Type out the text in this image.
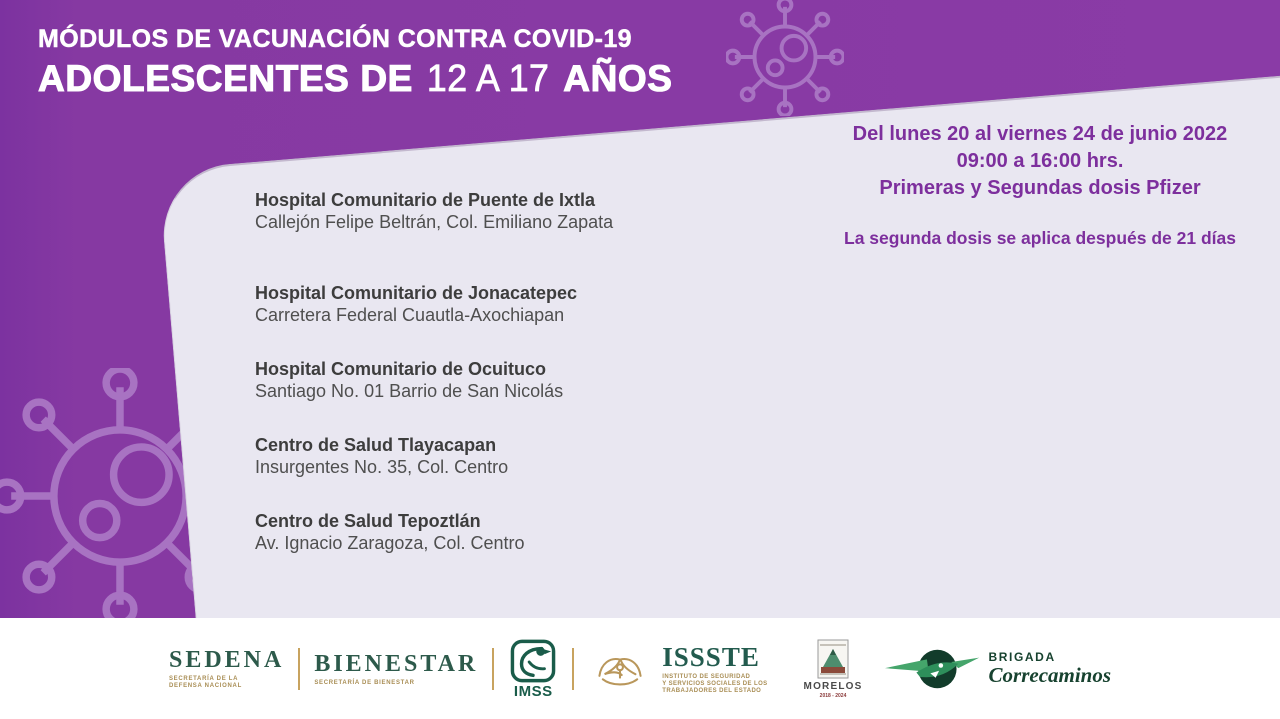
MÓDULOS DE VACUNACIÓN CONTRA COVID-19
ADOLESCENTES DE 12 A 17 AÑOS
Del lunes 20 al viernes 24 de junio 2022
09:00 a 16:00 hrs.
Primeras y Segundas dosis Pfizer
La segunda dosis se aplica después de 21 días
Hospital Comunitario de Puente de Ixtla
Callejón Felipe Beltrán, Col. Emiliano Zapata
Hospital Comunitario de Jonacatepec
Carretera Federal Cuautla-Axochiapan
Hospital Comunitario de Ocuituco
Santiago No. 01 Barrio de San Nicolás
Centro de Salud Tlayacapan
Insurgentes No. 35, Col. Centro
Centro de Salud Tepoztlán
Av. Ignacio Zaragoza, Col. Centro
SEDENA
SECRETARÍA DE LA
DEFENSA NACIONAL
BIENESTAR
SECRETARÍA DE BIENESTAR	IMSS
ISSSTE
INSTITUTO DE SEGURIDAD
Y SERVICIOS SOCIALES DE LOS
TRABAJADORES DEL ESTADO	MORELOS
2018 - 2024
BRIGADA
Correcaminos
